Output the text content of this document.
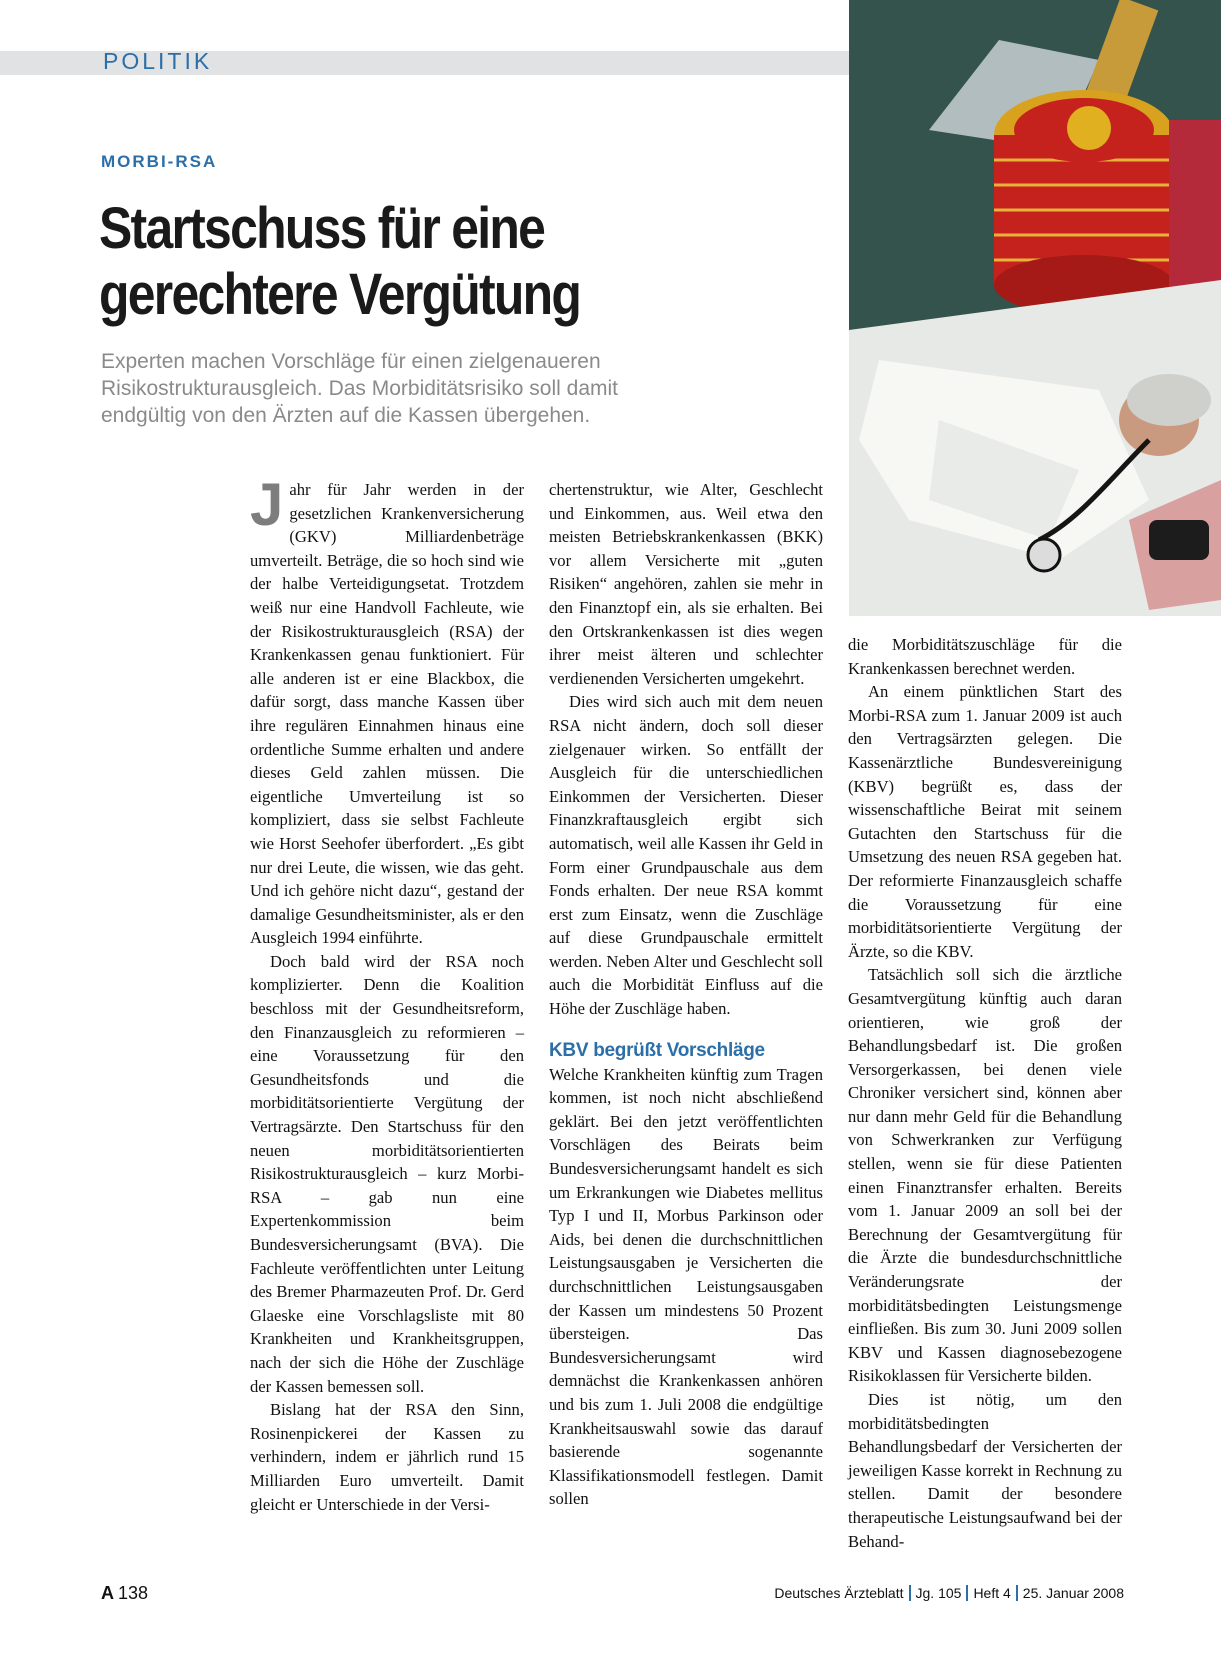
POLITIK
MORBI-RSA
Startschuss für eine
gerechtere Vergütung

Experten machen Vorschläge für einen zielgenaueren Risikostrukturausgleich. Das Morbiditätsrisiko soll damit endgültig von den Ärzten auf die Kassen übergehen.

Jahr für Jahr werden in der gesetzlichen Krankenversicherung (GKV) Milliardenbeträge umverteilt. Beträge, die so hoch sind wie der halbe Verteidigungsetat. Trotzdem weiß nur eine Handvoll Fachleute, wie der Risikostrukturausgleich (RSA) der Krankenkassen genau funktioniert. Für alle anderen ist er eine Blackbox, die dafür sorgt, dass manche Kassen über ihre regulären Einnahmen hinaus eine ordentliche Summe erhalten und andere dieses Geld zahlen müssen. Die eigentliche Umverteilung ist so kompliziert, dass sie selbst Fachleute wie Horst Seehofer überfordert. „Es gibt nur drei Leute, die wissen, wie das geht. Und ich gehöre nicht dazu“, gestand der damalige Gesundheitsminister, als er den Ausgleich 1994 einführte.

Doch bald wird der RSA noch komplizierter. Denn die Koalition beschloss mit der Gesundheitsreform, den Finanzausgleich zu reformieren – eine Voraussetzung für den Gesundheitsfonds und die morbiditätsorientierte Vergütung der Vertragsärzte. Den Startschuss für den neuen morbiditätsorientierten Risikostrukturausgleich – kurz Morbi-RSA – gab nun eine Expertenkommission beim Bundesversicherungsamt (BVA). Die Fachleute veröffentlichten unter Leitung des Bremer Pharmazeuten Prof. Dr. Gerd Glaeske eine Vorschlagsliste mit 80 Krankheiten und Krankheitsgruppen, nach der sich die Höhe der Zuschläge der Kassen bemessen soll.

Bislang hat der RSA den Sinn, Rosinenpickerei der Kassen zu verhindern, indem er jährlich rund 15 Milliarden Euro umverteilt. Damit gleicht er Unterschiede in der Versi-

chertenstruktur, wie Alter, Geschlecht und Einkommen, aus. Weil etwa den meisten Betriebskrankenkassen (BKK) vor allem Versicherte mit „guten Risiken“ angehören, zahlen sie mehr in den Finanztopf ein, als sie erhalten. Bei den Ortskrankenkassen ist dies wegen ihrer meist älteren und schlechter verdienenden Versicherten umgekehrt.

Dies wird sich auch mit dem neuen RSA nicht ändern, doch soll dieser zielgenauer wirken. So entfällt der Ausgleich für die unterschiedlichen Einkommen der Versicherten. Dieser Finanzkraftausgleich ergibt sich automatisch, weil alle Kassen ihr Geld in Form einer Grundpauschale aus dem Fonds erhalten. Der neue RSA kommt erst zum Einsatz, wenn die Zuschläge auf diese Grundpauschale ermittelt werden. Neben Alter und Geschlecht soll auch die Morbidität Einfluss auf die Höhe der Zuschläge haben.

KBV begrüßt Vorschläge

Welche Krankheiten künftig zum Tragen kommen, ist noch nicht abschließend geklärt. Bei den jetzt veröffentlichten Vorschlägen des Beirats beim Bundesversicherungsamt handelt es sich um Erkrankungen wie Diabetes mellitus Typ I und II, Morbus Parkinson oder Aids, bei denen die durchschnittlichen Leistungsausgaben je Versicherten die durchschnittlichen Leistungsausgaben der Kassen um mindestens 50 Prozent übersteigen. Das Bundesversicherungsamt wird demnächst die Krankenkassen anhören und bis zum 1. Juli 2008 die endgültige Krankheitsauswahl sowie das darauf basierende sogenannte Klassifikationsmodell festlegen. Damit sollen

die Morbiditätszuschläge für die Krankenkassen berechnet werden.

An einem pünktlichen Start des Morbi-RSA zum 1. Januar 2009 ist auch den Vertragsärzten gelegen. Die Kassenärztliche Bundesvereinigung (KBV) begrüßt es, dass der wissenschaftliche Beirat mit seinem Gutachten den Startschuss für die Umsetzung des neuen RSA gegeben hat. Der reformierte Finanzausgleich schaffe die Voraussetzung für eine morbiditätsorientierte Vergütung der Ärzte, so die KBV.

Tatsächlich soll sich die ärztliche Gesamtvergütung künftig auch daran orientieren, wie groß der Behandlungsbedarf ist. Die großen Versorgerkassen, bei denen viele Chroniker versichert sind, können aber nur dann mehr Geld für die Behandlung von Schwerkranken zur Verfügung stellen, wenn sie für diese Patienten einen Finanztransfer erhalten. Bereits vom 1. Januar 2009 an soll bei der Berechnung der Gesamtvergütung für die Ärzte die bundesdurchschnittliche Veränderungsrate der morbiditätsbedingten Leistungsmenge einfließen. Bis zum 30. Juni 2009 sollen KBV und Kassen diagnosebezogene Risikoklassen für Versicherte bilden.

Dies ist nötig, um den morbiditätsbedingten Behandlungsbedarf der Versicherten der jeweiligen Kasse korrekt in Rechnung zu stellen. Damit der besondere therapeutische Leistungsaufwand bei der Behand-

A 138	Deutsches Ärzteblatt Jg. 105 Heft 4 25. Januar 2008
